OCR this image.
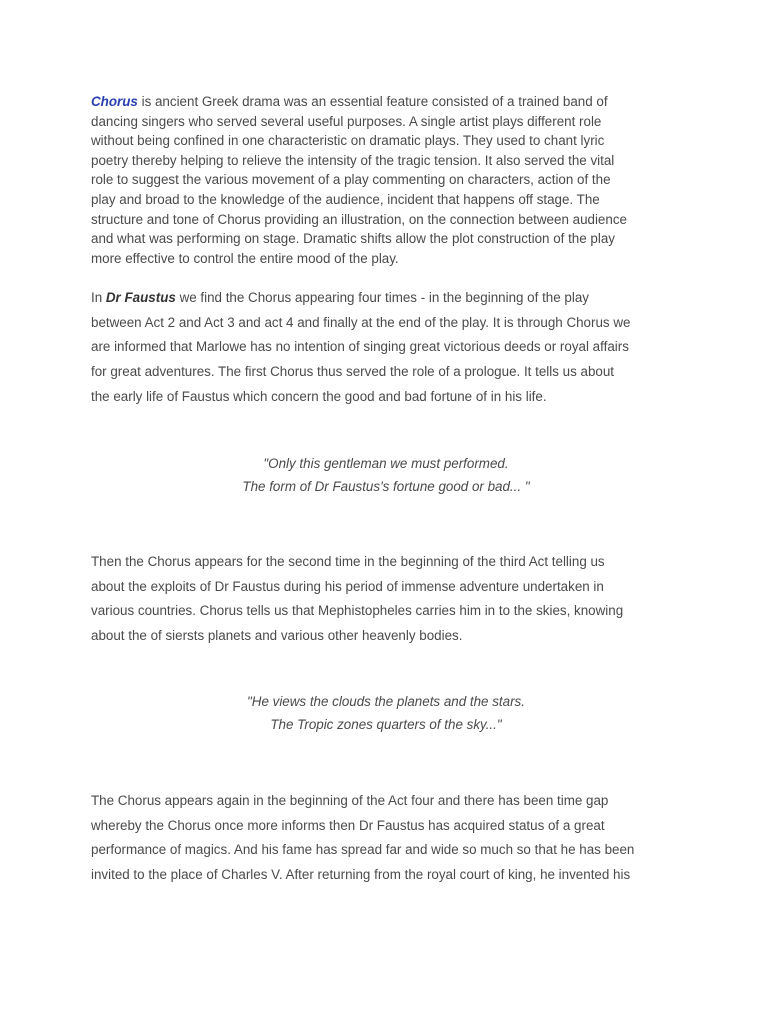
Chorus is ancient Greek drama was an essential feature consisted of a trained band of
dancing singers who served several useful purposes. A single artist plays different role
without being confined in one characteristic on dramatic plays. They used to chant lyric
poetry thereby helping to relieve the intensity of the tragic tension. It also served the vital
role to suggest the various movement of a play commenting on characters, action of the
play and broad to the knowledge of the audience, incident that happens off stage. The
structure and tone of Chorus providing an illustration, on the connection between audience
and what was performing on stage. Dramatic shifts allow the plot construction of the play
more effective to control the entire mood of the play.

In Dr Faustus we find the Chorus appearing four times - in the beginning of the play
between Act 2 and Act 3 and act 4 and finally at the end of the play. It is through Chorus we
are informed that Marlowe has no intention of singing great victorious deeds or royal affairs
for great adventures. The first Chorus thus served the role of a prologue. It tells us about
the early life of Faustus which concern the good and bad fortune of in his life.

"Only this gentleman we must performed.
The form of Dr Faustus's fortune good or bad... "

Then the Chorus appears for the second time in the beginning of the third Act telling us
about the exploits of Dr Faustus during his period of immense adventure undertaken in
various countries. Chorus tells us that Mephistopheles carries him in to the skies, knowing
about the of siersts planets and various other heavenly bodies.

"He views the clouds the planets and the stars.
The Tropic zones quarters of the sky..."

The Chorus appears again in the beginning of the Act four and there has been time gap
whereby the Chorus once more informs then Dr Faustus has acquired status of a great
performance of magics. And his fame has spread far and wide so much so that he has been
invited to the place of Charles V. After returning from the royal court of king, he invented his
